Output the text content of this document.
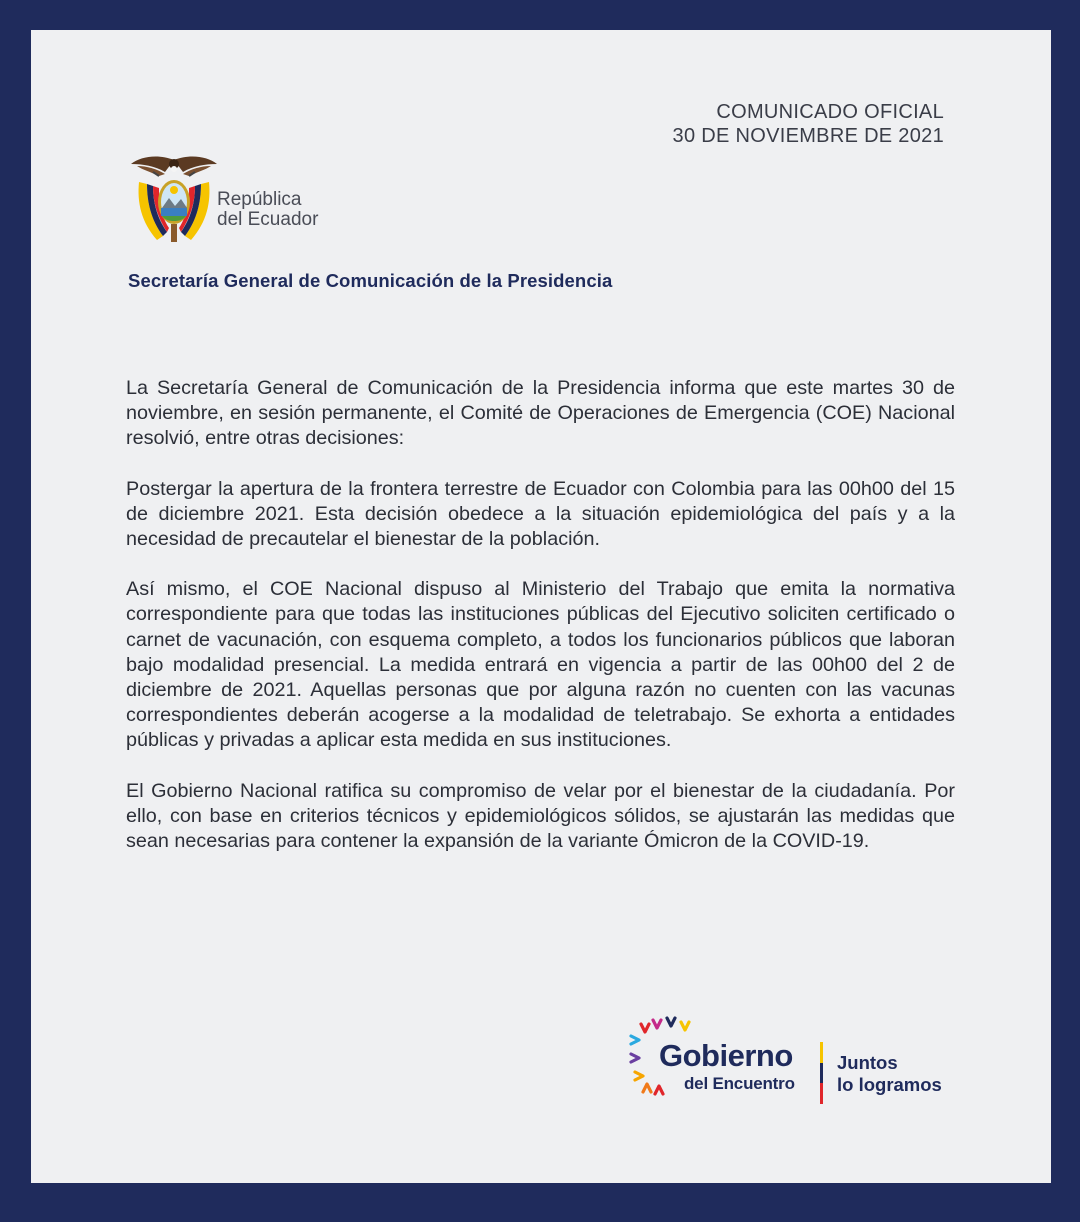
COMUNICADO OFICIAL
30 DE NOVIEMBRE DE 2021
República
del Ecuador
Secretaría General de Comunicación de la Presidencia

La Secretaría General de Comunicación de la Presidencia informa que este martes 30 de noviembre, en sesión permanente, el Comité de Operaciones de Emergencia (COE) Nacional resolvió, entre otras decisiones:

Postergar la apertura de la frontera terrestre de Ecuador con Colombia para las 00h00 del 15 de diciembre 2021. Esta decisión obedece a la situación epidemiológica del país y a la necesidad de precautelar el bienestar de la población.

Así mismo, el COE Nacional dispuso al Ministerio del Trabajo que emita la normativa correspondiente para que todas las instituciones públicas del Ejecutivo soliciten certificado o carnet de vacunación, con esquema completo, a todos los funcionarios públicos que laboran bajo modalidad presencial. La medida entrará en vigencia a partir de las 00h00 del 2 de diciembre de 2021. Aquellas personas que por alguna razón no cuenten con las vacunas correspondientes deberán acogerse a la modalidad de teletrabajo. Se exhorta a entidades públicas y privadas a aplicar esta medida en sus instituciones.

El Gobierno Nacional ratifica su compromiso de velar por el bienestar de la ciudadanía. Por ello, con base en criterios técnicos y epidemiológicos sólidos, se ajustarán las medidas que sean necesarias para contener la expansión de la variante Ómicron de la COVID-19.

Gobierno
del Encuentro
Juntos
lo logramos
